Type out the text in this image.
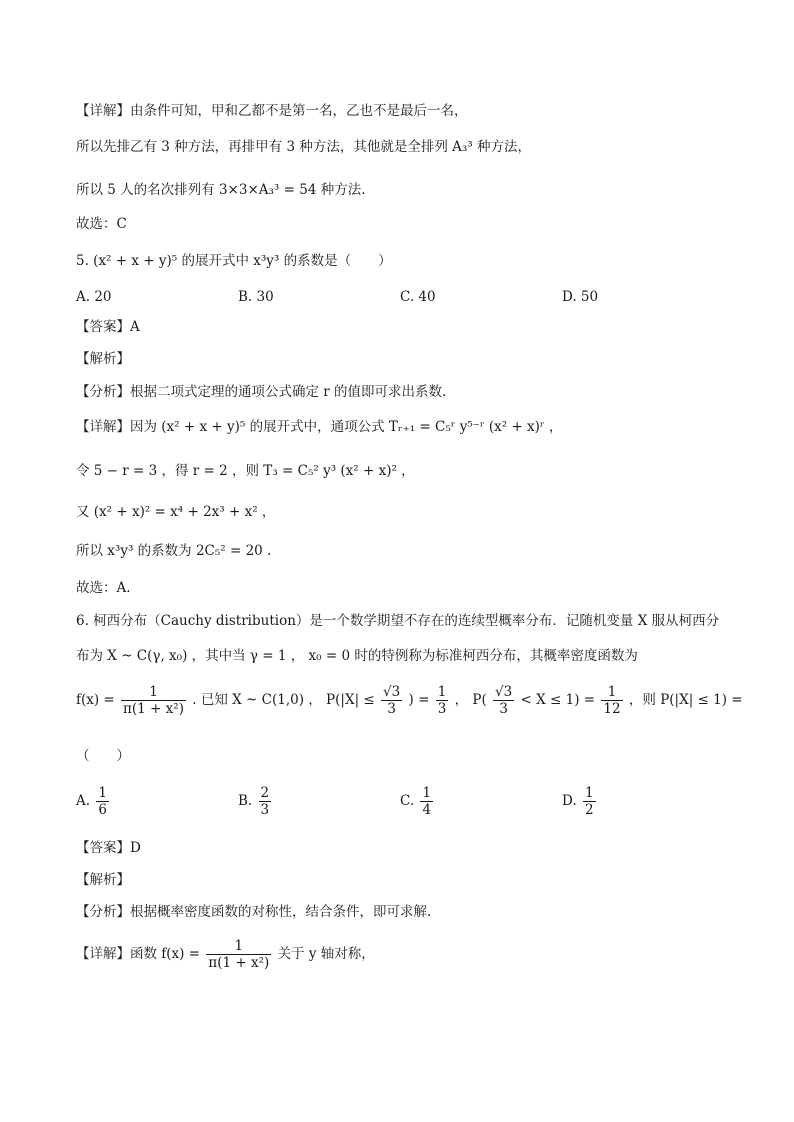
【详解】由条件可知，甲和乙都不是第一名，乙也不是最后一名，
所以先排乙有 3 种方法，再排甲有 3 种方法，其他就是全排列 A₃³ 种方法，
所以 5 人的名次排列有 3×3×A₃³ = 54 种方法.
故选：C
5. (x² + x + y)⁵ 的展开式中 x³y³ 的系数是（　　）
A. 20	B. 30	C. 40	D. 50
【答案】A
【解析】
【分析】根据二项式定理的通项公式确定 r 的值即可求出系数.
【详解】因为 (x² + x + y)⁵ 的展开式中，通项公式 Tᵣ₊₁ = C₅ʳ y⁵⁻ʳ (x² + x)ʳ ，
令 5 − r = 3 ，得 r = 2 ，则 T₃ = C₅² y³ (x² + x)² ，
又 (x² + x)² = x⁴ + 2x³ + x² ，
所以 x³y³ 的系数为 2C₅² = 20 .
故选：A.
6. 柯西分布（Cauchy distribution）是一个数学期望不存在的连续型概率分布．记随机变量 X 服从柯西分
布为 X ~ C(γ, x₀) ，其中当 γ = 1 ， x₀ = 0 时的特例称为标准柯西分布，其概率密度函数为
$f(x) = \frac{1}{\text{π(1 + x²)}}$ . 已知 X ~ C(1,0) ， $P(|X| \le \frac{√3}{3}$ ) = $\frac{1}{3}$ ， $P( \frac{√3}{3} < X \le 1) = \frac{1}{12}$ ，则 P(|X| ≤ 1) =
（　　）
A. $\frac{1}{6}$	B. $\frac{2}{3}$	C. $\frac{1}{4}$	D. $\frac{1}{2}$
【答案】D
【解析】
【分析】根据概率密度函数的对称性，结合条件，即可求解.
【详解】函数 $f(x) = \frac{1}{\text{π(1 + x²)}}$ 关于 y 轴对称，
